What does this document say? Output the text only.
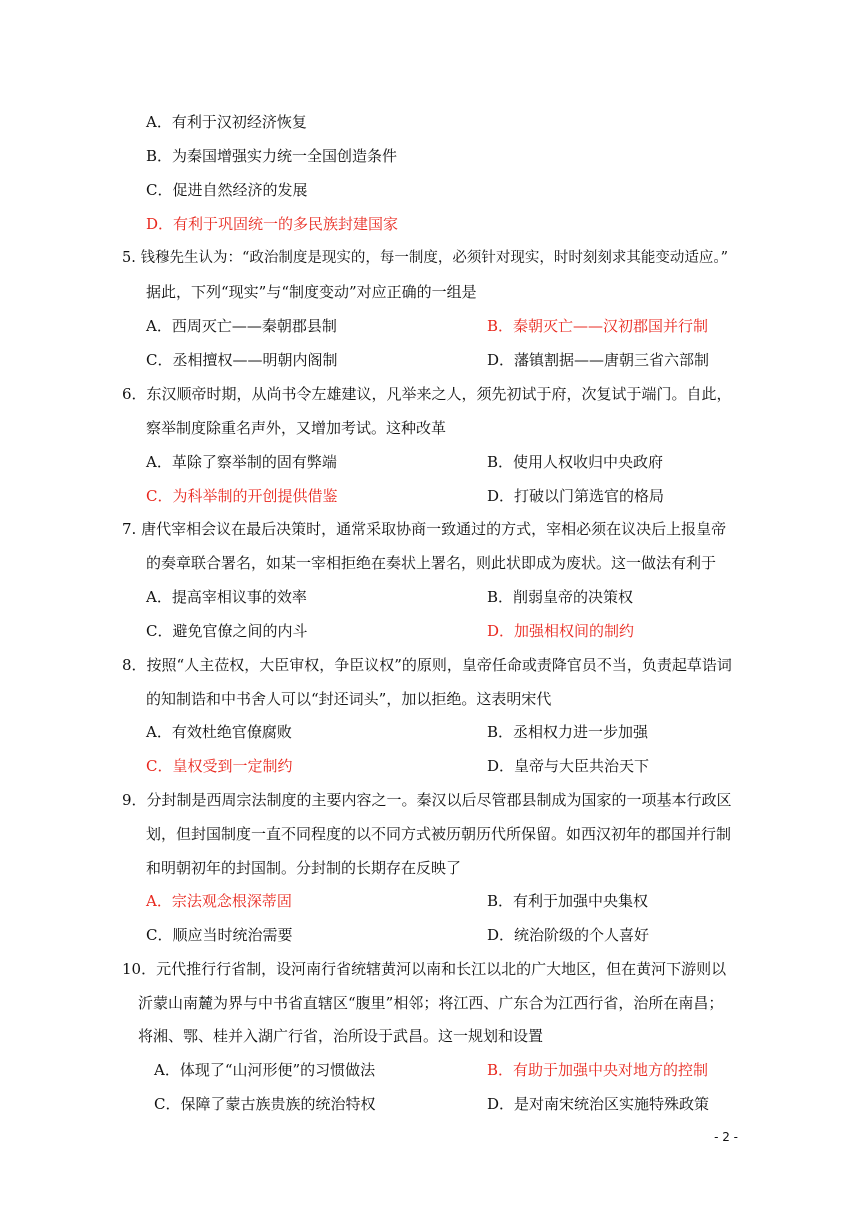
A．有利于汉初经济恢复
B．为秦国增强实力统一全国创造条件
C．促进自然经济的发展
D．有利于巩固统一的多民族封建国家
5. 钱穆先生认为：“政治制度是现实的，每一制度，必须针对现实，时时刻刻求其能变动适应。”
据此，下列“现实”与“制度变动”对应正确的一组是
A．西周灭亡——秦朝郡县制	B．秦朝灭亡——汉初郡国并行制
C．丞相擅权——明朝内阁制	D．藩镇割据——唐朝三省六部制
6．东汉顺帝时期，从尚书令左雄建议，凡举来之人，须先初试于府，次复试于端门。自此，
察举制度除重名声外，又增加考试。这种改革
A．革除了察举制的固有弊端	B．使用人权收归中央政府
C．为科举制的开创提供借鉴	D．打破以门第选官的格局
7. 唐代宰相会议在最后决策时，通常采取协商一致通过的方式，宰相必须在议决后上报皇帝
的奏章联合署名，如某一宰相拒绝在奏状上署名，则此状即成为废状。这一做法有利于
A．提高宰相议事的效率	B．削弱皇帝的决策权
C．避免官僚之间的内斗	D．加强相权间的制约
8．按照“人主莅权，大臣审权，争臣议权”的原则，皇帝任命或责降官员不当，负责起草诰词
的知制诰和中书舍人可以“封还词头”，加以拒绝。这表明宋代
A．有效杜绝官僚腐败	B．丞相权力进一步加强
C．皇权受到一定制约	D．皇帝与大臣共治天下
9．分封制是西周宗法制度的主要内容之一。秦汉以后尽管郡县制成为国家的一项基本行政区
划，但封国制度一直不同程度的以不同方式被历朝历代所保留。如西汉初年的郡国并行制
和明朝初年的封国制。分封制的长期存在反映了
A．宗法观念根深蒂固	B．有利于加强中央集权
C．顺应当时统治需要	D．统治阶级的个人喜好
10．元代推行行省制，设河南行省统辖黄河以南和长江以北的广大地区，但在黄河下游则以
沂蒙山南麓为界与中书省直辖区“腹里”相邻；将江西、广东合为江西行省，治所在南昌；
将湘、鄂、桂并入湖广行省，治所设于武昌。这一规划和设置
A．体现了“山河形便”的习惯做法	B．有助于加强中央对地方的控制
C．保障了蒙古族贵族的统治特权	D．是对南宋统治区实施特殊政策
- 2 -
